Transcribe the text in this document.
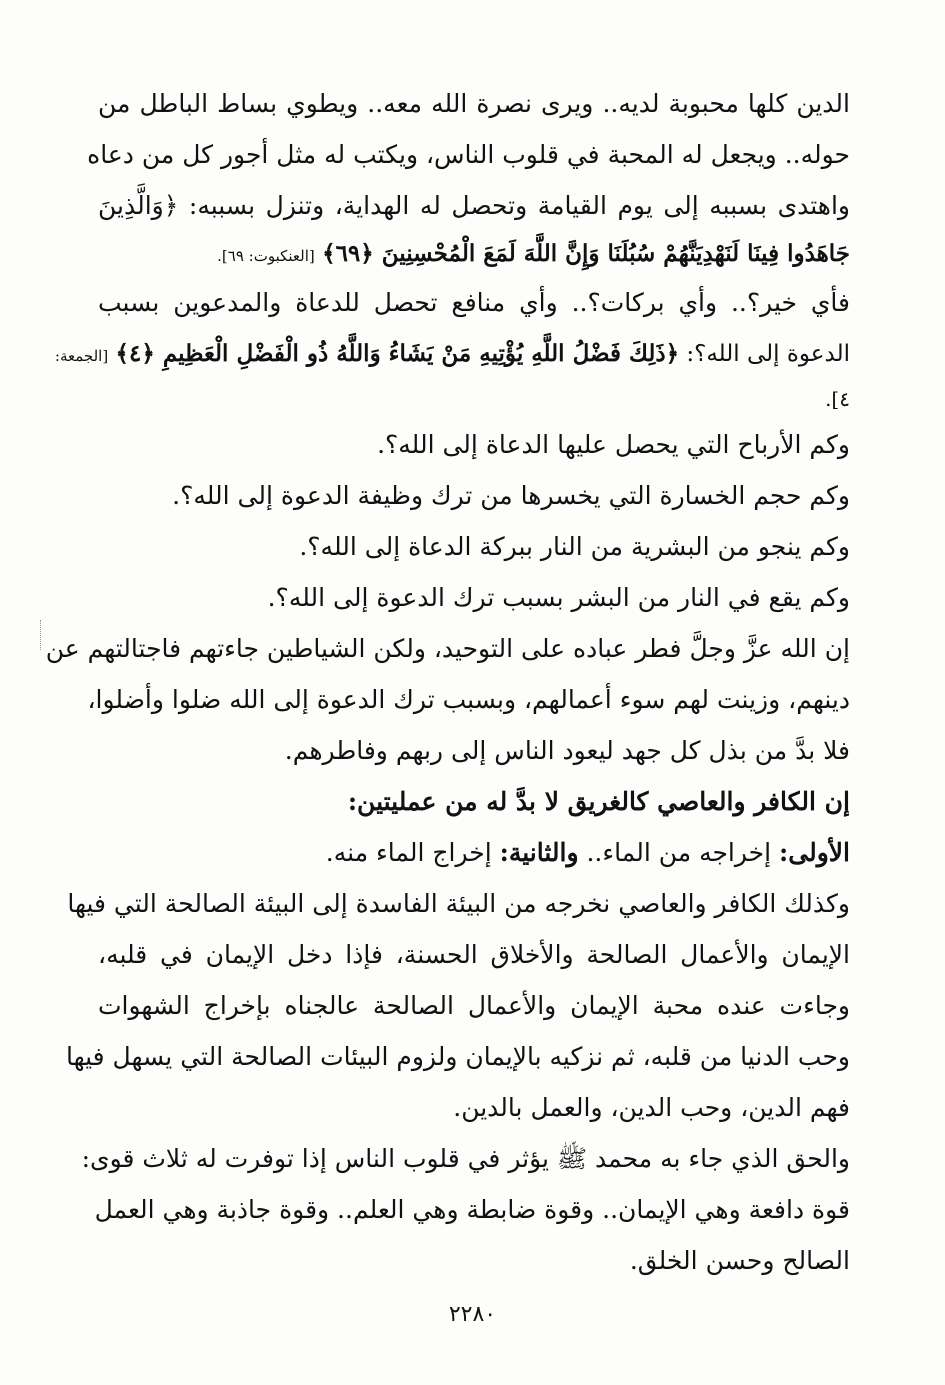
الدين كلها محبوبة لديه.. ويرى نصرة الله معه.. ويطوي بساط الباطل من
حوله.. ويجعل له المحبة في قلوب الناس، ويكتب له مثل أجور كل من دعاه
واهتدى بسببه إلى يوم القيامة وتحصل له الهداية، وتنزل بسببه: ﴿وَالَّذِينَ
جَاهَدُوا فِينَا لَنَهْدِيَنَّهُمْ سُبُلَنَا وَإِنَّ اللَّهَ لَمَعَ الْمُحْسِنِينَ ﴿٦٩﴾ [العنكبوت: ٦٩].
فأي خير؟.. وأي بركات؟.. وأي منافع تحصل للدعاة والمدعوين بسبب
الدعوة إلى الله؟: ﴿ذَلِكَ فَضْلُ اللَّهِ يُؤْتِيهِ مَنْ يَشَاءُ وَاللَّهُ ذُو الْفَضْلِ الْعَظِيمِ ﴿٤﴾ [الجمعة:
٤].
وكم الأرباح التي يحصل عليها الدعاة إلى الله؟.
وكم حجم الخسارة التي يخسرها من ترك وظيفة الدعوة إلى الله؟.
وكم ينجو من البشرية من النار ببركة الدعاة إلى الله؟.
وكم يقع في النار من البشر بسبب ترك الدعوة إلى الله؟.
إن الله عزَّ وجلَّ فطر عباده على التوحيد، ولكن الشياطين جاءتهم فاجتالتهم عن
دينهم، وزينت لهم سوء أعمالهم، وبسبب ترك الدعوة إلى الله ضلوا وأضلوا،
فلا بدَّ من بذل كل جهد ليعود الناس إلى ربهم وفاطرهم.
إن الكافر والعاصي كالغريق لا بدَّ له من عمليتين:
الأولى: إخراجه من الماء.. والثانية: إخراج الماء منه.
وكذلك الكافر والعاصي نخرجه من البيئة الفاسدة إلى البيئة الصالحة التي فيها
الإيمان والأعمال الصالحة والأخلاق الحسنة، فإذا دخل الإيمان في قلبه،
وجاءت عنده محبة الإيمان والأعمال الصالحة عالجناه بإخراج الشهوات
وحب الدنيا من قلبه، ثم نزكيه بالإيمان ولزوم البيئات الصالحة التي يسهل فيها
فهم الدين، وحب الدين، والعمل بالدين.
والحق الذي جاء به محمد ﷺ يؤثر في قلوب الناس إذا توفرت له ثلاث قوى:
قوة دافعة وهي الإيمان.. وقوة ضابطة وهي العلم.. وقوة جاذبة وهي العمل
الصالح وحسن الخلق.
٢٢٨٠
